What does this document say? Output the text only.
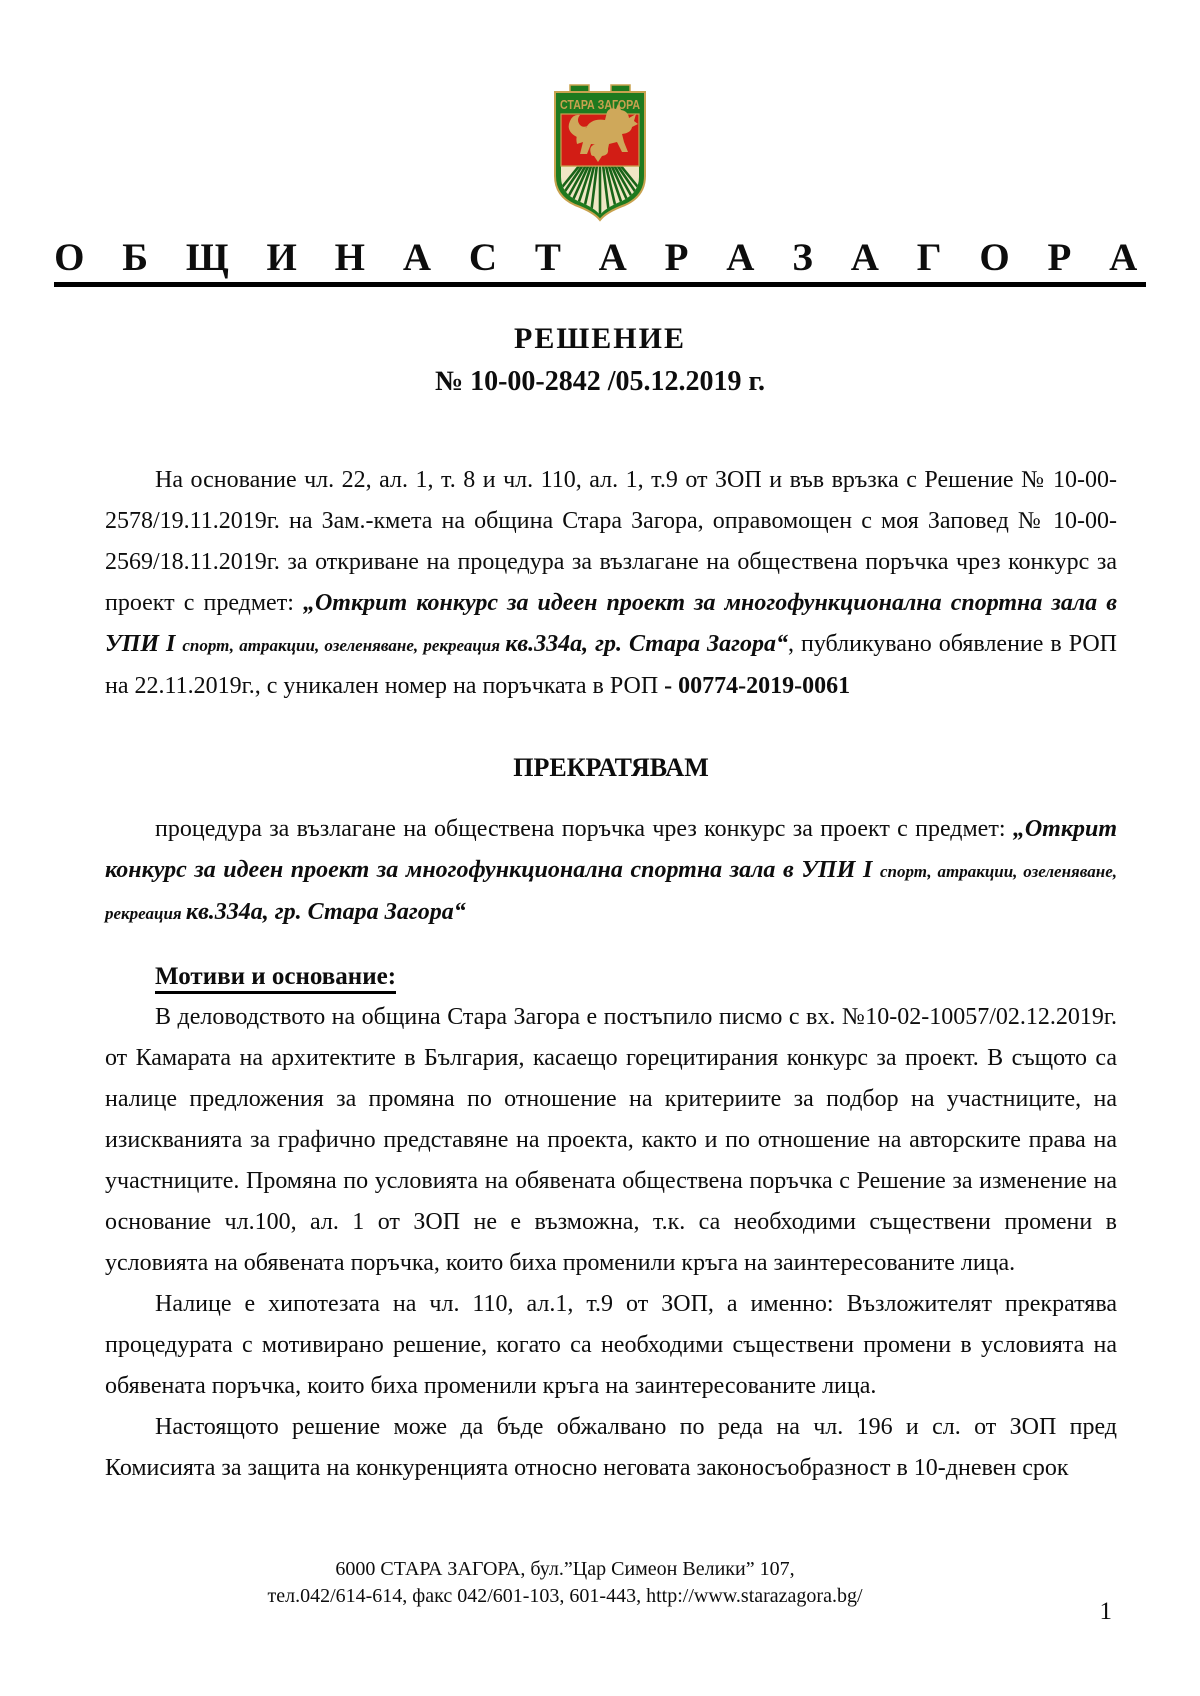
СТАРА ЗАГОРА
О Б Щ И Н А С Т А Р А З А Г О Р А
РЕШЕНИЕ
№ 10-00-2842 /05.12.2019 г.

На основание чл. 22, ал. 1, т. 8 и чл. 110, ал. 1, т.9 от ЗОП и във връзка с Решение № 10-00-2578/19.11.2019г. на Зам.-кмета на община Стара Загора, оправомощен с моя Заповед № 10-00-2569/18.11.2019г. за откриване на процедура за възлагане на обществена поръчка чрез конкурс за проект с предмет: „Открит конкурс за идеен проект за многофункционална спортна зала в УПИ I спорт, атракции, озеленяване, рекреация кв.334а, гр. Стара Загора“, публикувано обявление в РОП на 22.11.2019г., с уникален номер на поръчката в РОП - 00774-2019-0061

ПРЕКРАТЯВАМ

процедура за възлагане на обществена поръчка чрез конкурс за проект с предмет: „Открит конкурс за идеен проект за многофункционална спортна зала в УПИ I спорт, атракции, озеленяване, рекреация кв.334а, гр. Стара Загора“

Мотиви и основание:

В деловодството на община Стара Загора е постъпило писмо с вх. №10-02-10057/02.12.2019г. от Камарата на архитектите в България, касаещо горецитирания конкурс за проект. В същото са налице предложения за промяна по отношение на критериите за подбор на участниците, на изискванията за графично представяне на проекта, както и по отношение на авторските права на участниците. Промяна по условията на обявената обществена поръчка с Решение за изменение на основание чл.100, ал. 1 от ЗОП не е възможна, т.к. са необходими съществени промени в условията на обявената поръчка, които биха променили кръга на заинтересованите лица.

Налице е хипотезата на чл. 110, ал.1, т.9 от ЗОП, а именно: Възложителят прекратява процедурата с мотивирано решение, когато са необходими съществени промени в условията на обявената поръчка, които биха променили кръга на заинтересованите лица.

Настоящото решение може да бъде обжалвано по реда на чл. 196 и сл. от ЗОП пред Комисията за защита на конкуренцията относно неговата законосъобразност в 10-дневен срок

6000 СТАРА ЗАГОРА, бул.”Цар Симеон Велики” 107,
тел.042/614-614, факс 042/601-103, 601-443, http://www.starazagora.bg/
1
